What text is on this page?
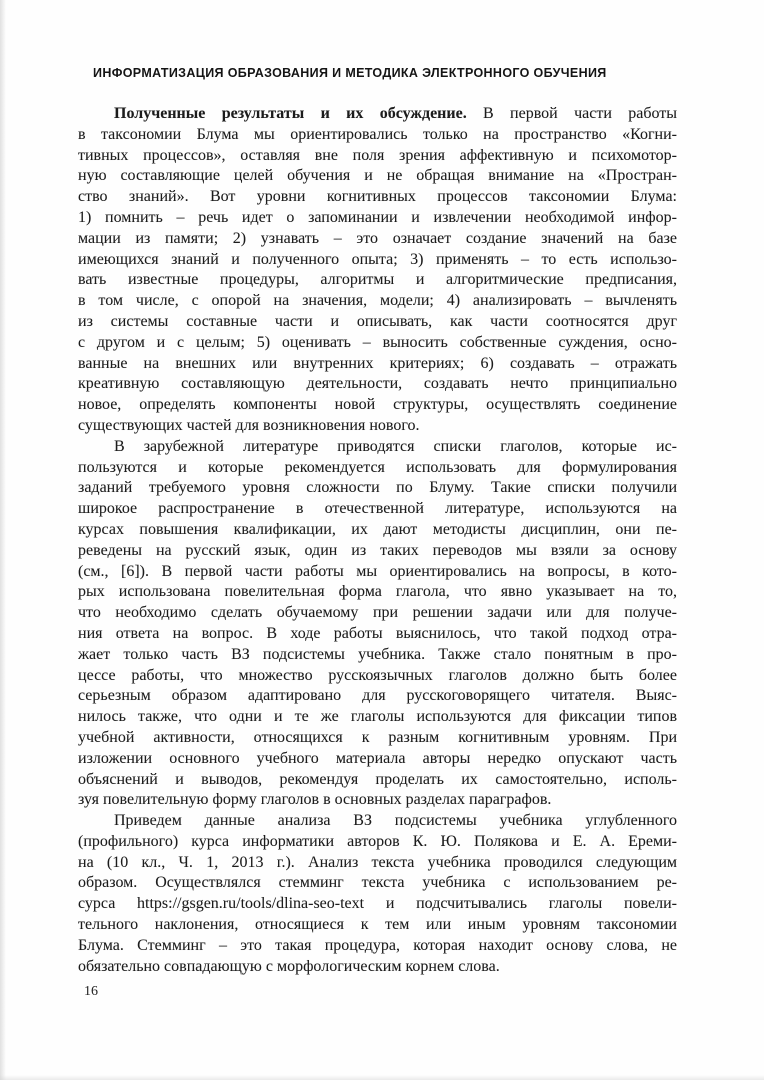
ИНФОРМАТИЗАЦИЯ ОБРАЗОВАНИЯ И МЕТОДИКА ЭЛЕКТРОННОГО ОБУЧЕНИЯ
Полученные результаты и их обсуждение. В первой части работы
в таксономии Блума мы ориентировались только на пространство «Когни-
тивных процессов», оставляя вне поля зрения аффективную и психомотор-
ную составляющие целей обучения и не обращая внимание на «Простран-
ство знаний». Вот уровни когнитивных процессов таксономии Блума:
1) помнить – речь идет о запоминании и извлечении необходимой инфор-
мации из памяти; 2) узнавать – это означает создание значений на базе
имеющихся знаний и полученного опыта; 3) применять – то есть использо-
вать известные процедуры, алгоритмы и алгоритмические предписания,
в том числе, с опорой на значения, модели; 4) анализировать – вычленять
из системы составные части и описывать, как части соотносятся друг
с другом и с целым; 5) оценивать – выносить собственные суждения, осно-
ванные на внешних или внутренних критериях; 6) создавать – отражать
креативную составляющую деятельности, создавать нечто принципиально
новое, определять компоненты новой структуры, осуществлять соединение
существующих частей для возникновения нового.
В зарубежной литературе приводятся списки глаголов, которые ис-
пользуются и которые рекомендуется использовать для формулирования
заданий требуемого уровня сложности по Блуму. Такие списки получили
широкое распространение в отечественной литературе, используются на
курсах повышения квалификации, их дают методисты дисциплин, они пе-
реведены на русский язык, один из таких переводов мы взяли за основу
(см., [6]). В первой части работы мы ориентировались на вопросы, в кото-
рых использована повелительная форма глагола, что явно указывает на то,
что необходимо сделать обучаемому при решении задачи или для получе-
ния ответа на вопрос. В ходе работы выяснилось, что такой подход отра-
жает только часть ВЗ подсистемы учебника. Также стало понятным в про-
цессе работы, что множество русскоязычных глаголов должно быть более
серьезным образом адаптировано для русскоговорящего читателя. Выяс-
нилось также, что одни и те же глаголы используются для фиксации типов
учебной активности, относящихся к разным когнитивным уровням. При
изложении основного учебного материала авторы нередко опускают часть
объяснений и выводов, рекомендуя проделать их самостоятельно, исполь-
зуя повелительную форму глаголов в основных разделах параграфов.
Приведем данные анализа ВЗ подсистемы учебника углубленного
(профильного) курса информатики авторов К. Ю. Полякова и Е. А. Ереми-
на (10 кл., Ч. 1, 2013 г.). Анализ текста учебника проводился следующим
образом. Осуществлялся стемминг текста учебника с использованием ре-
сурса https://gsgen.ru/tools/dlina-seo-text и подсчитывались глаголы повели-
тельного наклонения, относящиеся к тем или иным уровням таксономии
Блума. Стемминг – это такая процедура, которая находит основу слова, не
обязательно совпадающую с морфологическим корнем слова.
16
